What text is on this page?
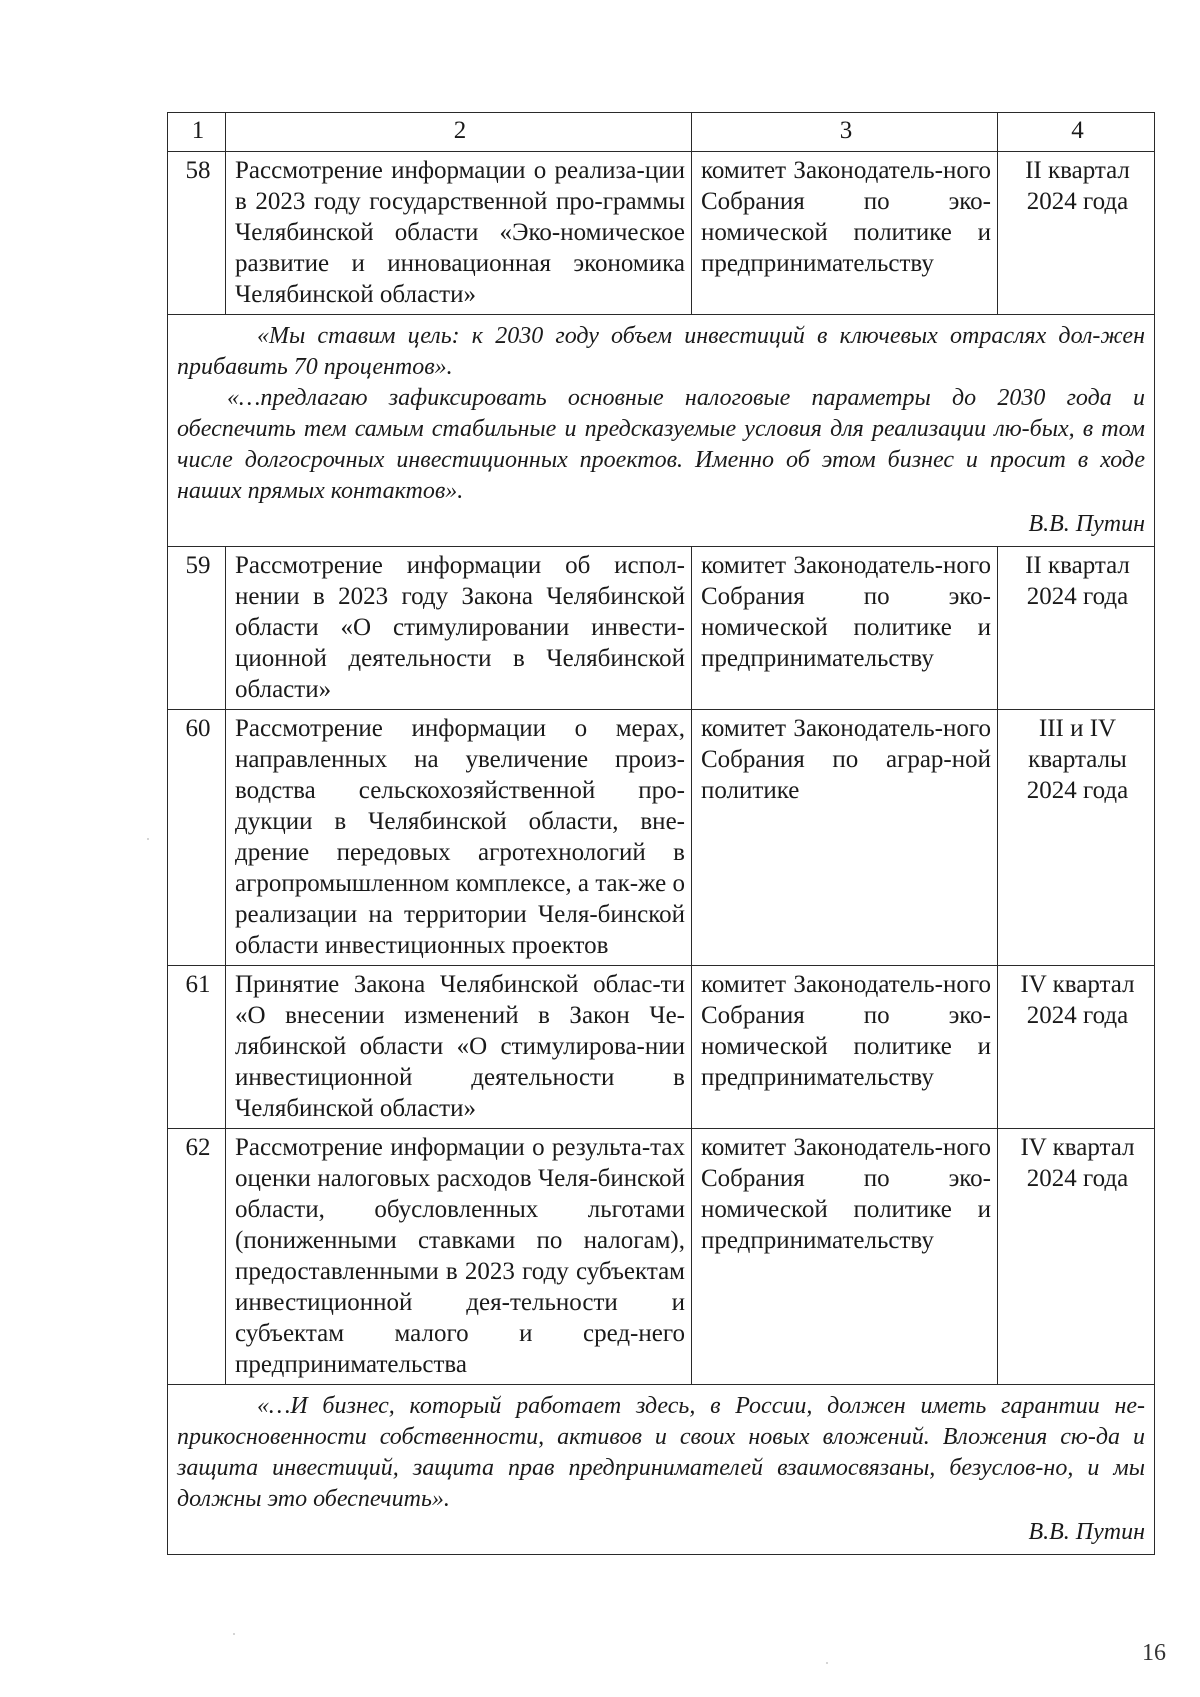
1	2	3	4
58	Рассмотрение информации о реализа-ции в 2023 году государственной про-граммы Челябинской области «Эко-номическое развитие и инновационная экономика Челябинской области»	комитет Законодатель-ного Собрания по эко-номической политике и предпринимательству	II квартал 2024 года

«Мы ставим цель: к 2030 году объем инвестиций в ключевых отраслях дол-жен прибавить 70 процентов».

«…предлагаю зафиксировать основные налоговые параметры до 2030 года и обеспечить тем самым стабильные и предсказуемые условия для реализации лю-бых, в том числе долгосрочных инвестиционных проектов. Именно об этом бизнес и просит в ходе наших прямых контактов».

В.В. Путин			

59	Рассмотрение информации об испол-нении в 2023 году Закона Челябинской области «О стимулировании инвести-ционной деятельности в Челябинской области»	комитет Законодатель-ного Собрания по эко-номической политике и предпринимательству	II квартал 2024 года
60	Рассмотрение информации о мерах, направленных на увеличение произ-водства сельскохозяйственной про-дукции в Челябинской области, вне-дрение передовых агротехнологий в агропромышленном комплексе, а так-же о реализации на территории Челя-бинской области инвестиционных проектов	комитет Законодатель-ного Собрания по аграр-ной политике	III и IV кварталы 2024 года
61	Принятие Закона Челябинской облас-ти «О внесении изменений в Закон Че-лябинской области «О стимулирова-нии инвестиционной деятельности в Челябинской области»	комитет Законодатель-ного Собрания по эко-номической политике и предпринимательству	IV квартал 2024 года
62	Рассмотрение информации о результа-тах оценки налоговых расходов Челя-бинской области, обусловленных льготами (пониженными ставками по налогам), предоставленными в 2023 году субъектам инвестиционной дея-тельности и субъектам малого и сред-него предпринимательства	комитет Законодатель-ного Собрания по эко-номической политике и предпринимательству	IV квартал 2024 года

«…И бизнес, который работает здесь, в России, должен иметь гарантии не-прикосновенности собственности, активов и своих новых вложений. Вложения сю-да и защита инвестиций, защита прав предпринимателей взаимосвязаны, безуслов-но, и мы должны это обеспечить».

В.В. Путин			

16
